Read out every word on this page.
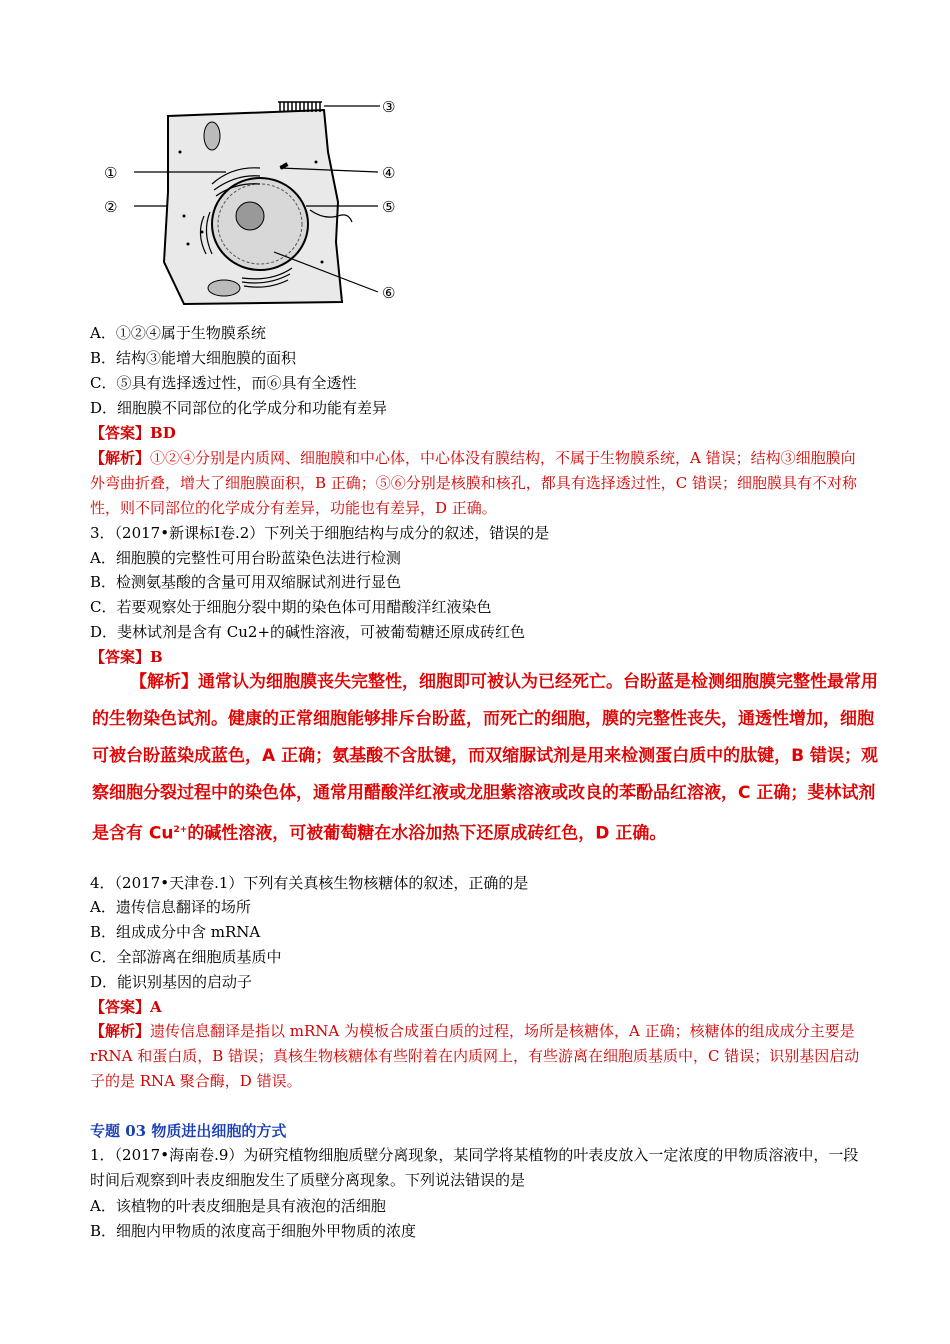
③
①
②
④
⑤
⑥
A．①②④属于生物膜系统
B．结构③能增大细胞膜的面积
C．⑤具有选择透过性，而⑥具有全透性
D．细胞膜不同部位的化学成分和功能有差异
【答案】BD
【解析】①②④分别是内质网、细胞膜和中心体，中心体没有膜结构，不属于生物膜系统，A 错误；结构③细胞膜向外弯曲折叠，增大了细胞膜面积，B 正确；⑤⑥分别是核膜和核孔，都具有选择透过性，C 错误；细胞膜具有不对称性，则不同部位的化学成分有差异，功能也有差异，D 正确。
3．（2017•新课标Ⅰ卷.2）下列关于细胞结构与成分的叙述，错误的是
A．细胞膜的完整性可用台盼蓝染色法进行检测
B．检测氨基酸的含量可用双缩脲试剂进行显色
C．若要观察处于细胞分裂中期的染色体可用醋酸洋红液染色
D．斐林试剂是含有 Cu2+的碱性溶液，可被葡萄糖还原成砖红色
【答案】B
【解析】通常认为细胞膜丧失完整性，细胞即可被认为已经死亡。台盼蓝是检测细胞膜完整性最常用的生物染色试剂。健康的正常细胞能够排斥台盼蓝，而死亡的细胞，膜的完整性丧失，通透性增加，细胞可被台盼蓝染成蓝色，A 正确；氨基酸不含肽键，而双缩脲试剂是用来检测蛋白质中的肽键，B 错误；观察细胞分裂过程中的染色体，通常用醋酸洋红液或龙胆紫溶液或改良的苯酚品红溶液，C 正确；斐林试剂是含有 $Cu^{2+}$的碱性溶液，可被葡萄糖在水浴加热下还原成砖红色，D 正确。
4．（2017•天津卷.1）下列有关真核生物核糖体的叙述，正确的是
A．遗传信息翻译的场所
B．组成成分中含 mRNA
C．全部游离在细胞质基质中
D．能识别基因的启动子
【答案】A
【解析】遗传信息翻译是指以 mRNA 为模板合成蛋白质的过程，场所是核糖体，A 正确；核糖体的组成成分主要是 rRNA 和蛋白质，B 错误；真核生物核糖体有些附着在内质网上，有些游离在细胞质基质中，C 错误；识别基因启动子的是 RNA 聚合酶，D 错误。
专题 03 物质进出细胞的方式
1．（2017•海南卷.9）为研究植物细胞质壁分离现象，某同学将某植物的叶表皮放入一定浓度的甲物质溶液中，一段时间后观察到叶表皮细胞发生了质壁分离现象。下列说法错误的是
A．该植物的叶表皮细胞是具有液泡的活细胞
B．细胞内甲物质的浓度高于细胞外甲物质的浓度
